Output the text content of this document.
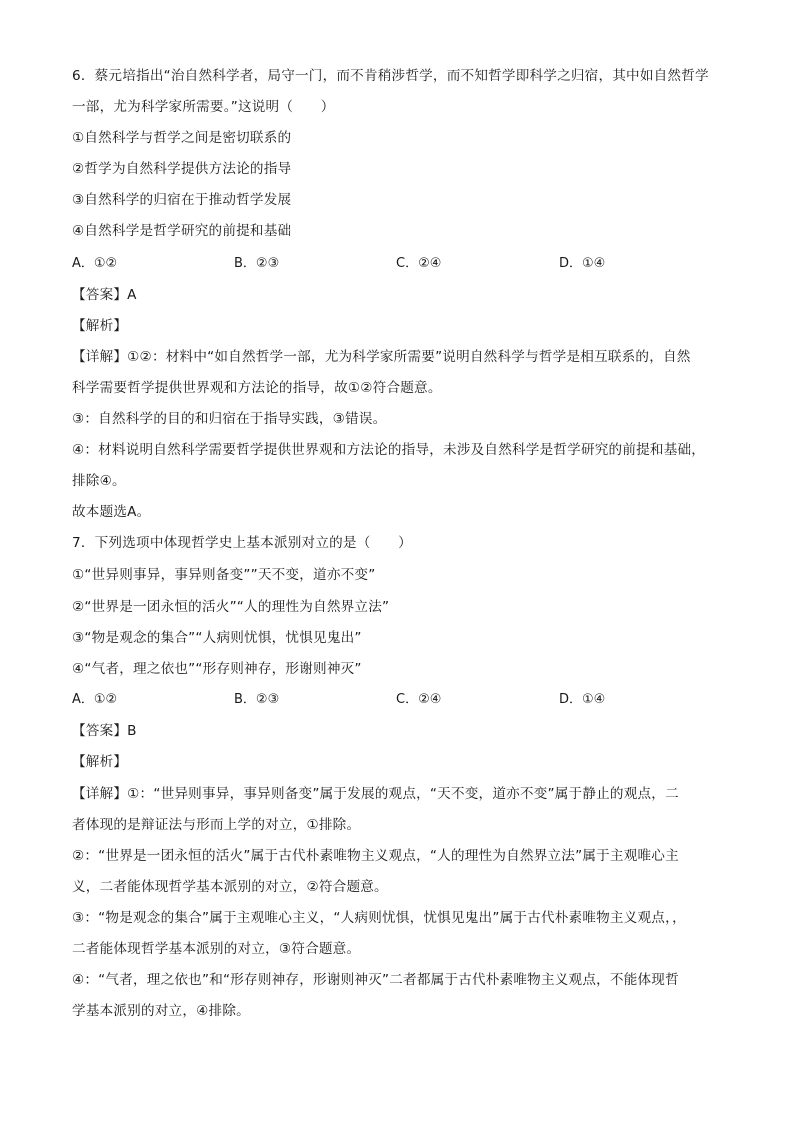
6．蔡元培指出“治自然科学者，局守一门，而不肯稍涉哲学，而不知哲学即科学之归宿，其中如自然哲学
一部，尤为科学家所需要。”这说明（　　）
①自然科学与哲学之间是密切联系的
②哲学为自然科学提供方法论的指导
③自然科学的归宿在于推动哲学发展
④自然科学是哲学研究的前提和基础
A．①②	B．②③	C．②④	D．①④
【答案】A
【解析】
【详解】①②：材料中“如自然哲学一部，尤为科学家所需要”说明自然科学与哲学是相互联系的，自然
科学需要哲学提供世界观和方法论的指导，故①②符合题意。
③：自然科学的目的和归宿在于指导实践，③错误。
④：材料说明自然科学需要哲学提供世界观和方法论的指导，未涉及自然科学是哲学研究的前提和基础，
排除④。
故本题选A。
7．下列选项中体现哲学史上基本派别对立的是（　　）
①“世异则事异，事异则备变””天不变，道亦不变”
②“世界是一团永恒的活火”“人的理性为自然界立法”
③“物是观念的集合”“人病则忧惧，忧惧见鬼出”
④“气者，理之依也”“形存则神存，形谢则神灭”
A．①②	B．②③	C．②④	D．①④
【答案】B
【解析】
【详解】①：“世异则事异，事异则备变”属于发展的观点，“天不变，道亦不变”属于静止的观点，二
者体现的是辩证法与形而上学的对立，①排除。
②：“世界是一团永恒的活火”属于古代朴素唯物主义观点，“人的理性为自然界立法”属于主观唯心主
义，二者能体现哲学基本派别的对立，②符合题意。
③：“物是观念的集合”属于主观唯心主义，“人病则忧惧，忧惧见鬼出”属于古代朴素唯物主义观点，，
二者能体现哲学基本派别的对立，③符合题意。
④：“气者，理之依也”和“形存则神存，形谢则神灭”二者都属于古代朴素唯物主义观点，不能体现哲
学基本派别的对立，④排除。
